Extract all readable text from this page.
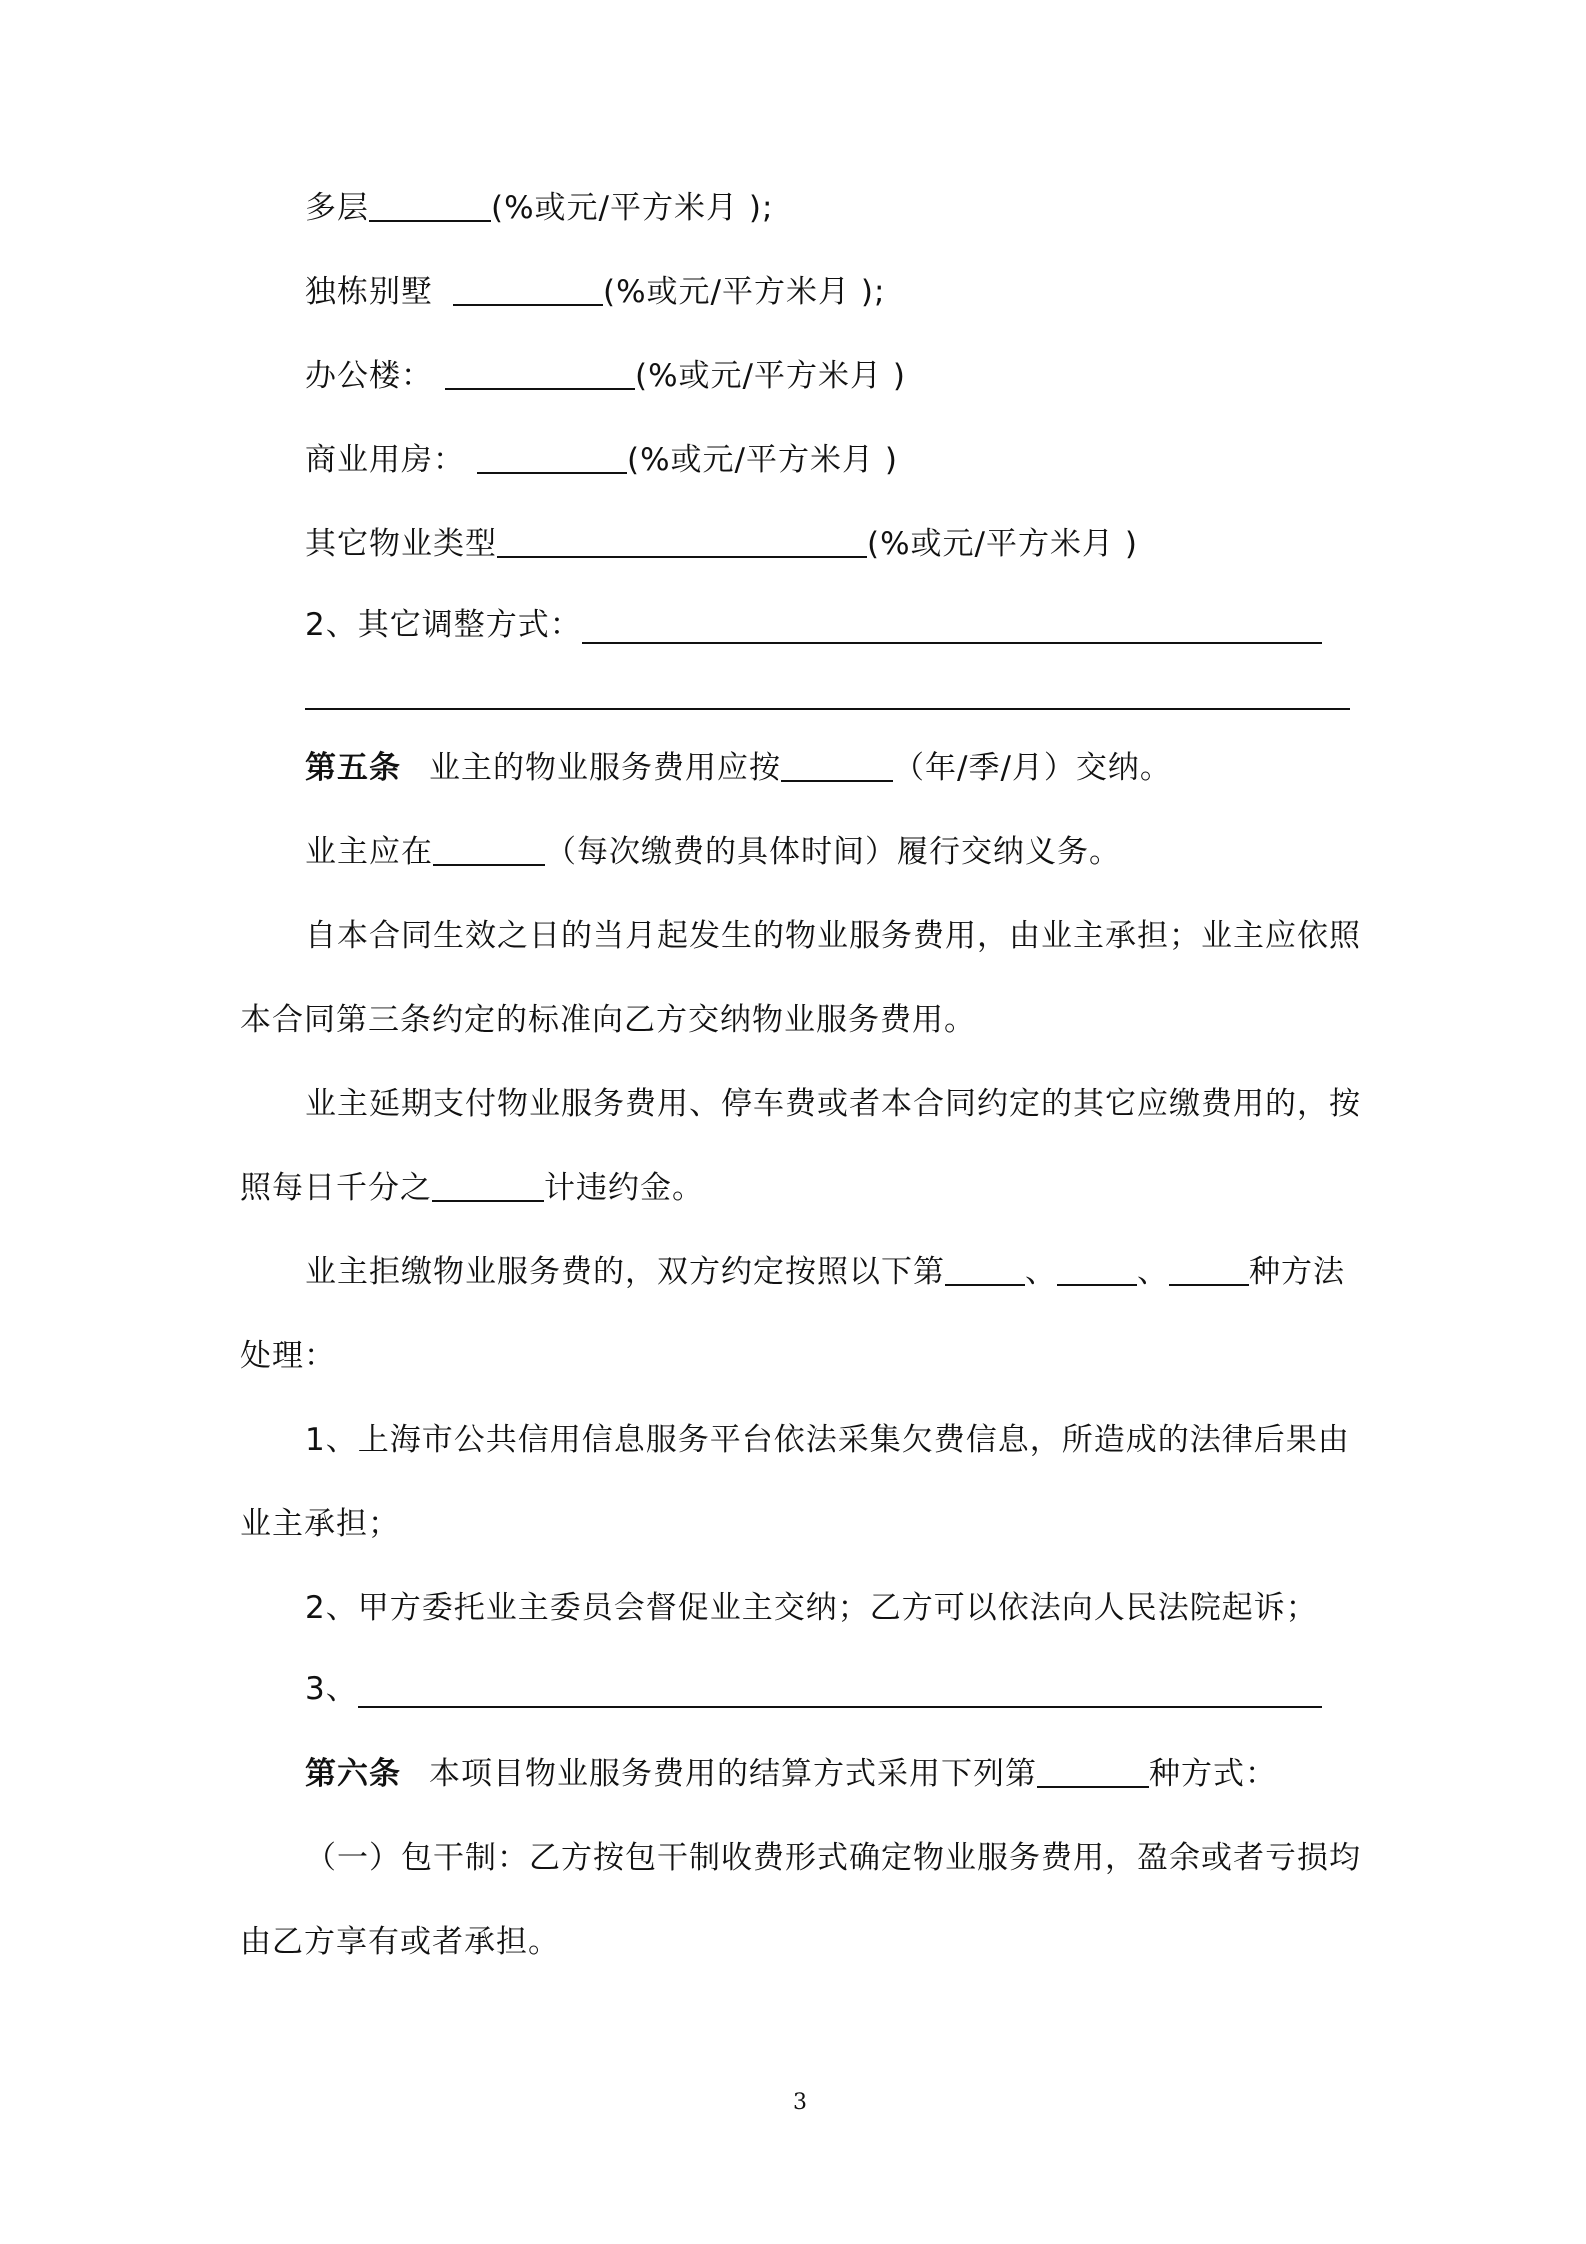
多层	(%或元/平方米月 );
独栋别墅	(%或元/平方米月 );
办公楼：	(%或元/平方米月 )
商业用房：	(%或元/平方米月 )
其它物业类型	(%或元/平方米月 )
2、其它调整方式：
第五条 业主的物业服务费用应按	（年/季/月）交纳。
业主应在	（每次缴费的具体时间）履行交纳义务。
自本合同生效之日的当月起发生的物业服务费用，由业主承担；业主应依照
本合同第三条约定的标准向乙方交纳物业服务费用。
业主延期支付物业服务费用、停车费或者本合同约定的其它应缴费用的，按
照每日千分之	计违约金。
业主拒缴物业服务费的，双方约定按照以下第	、	、	种方法
处理：
1、上海市公共信用信息服务平台依法采集欠费信息，所造成的法律后果由
业主承担；
2、甲方委托业主委员会督促业主交纳；乙方可以依法向人民法院起诉；
3、
第六条 本项目物业服务费用的结算方式采用下列第	种方式：
（一）包干制：乙方按包干制收费形式确定物业服务费用，盈余或者亏损均
由乙方享有或者承担。
3
